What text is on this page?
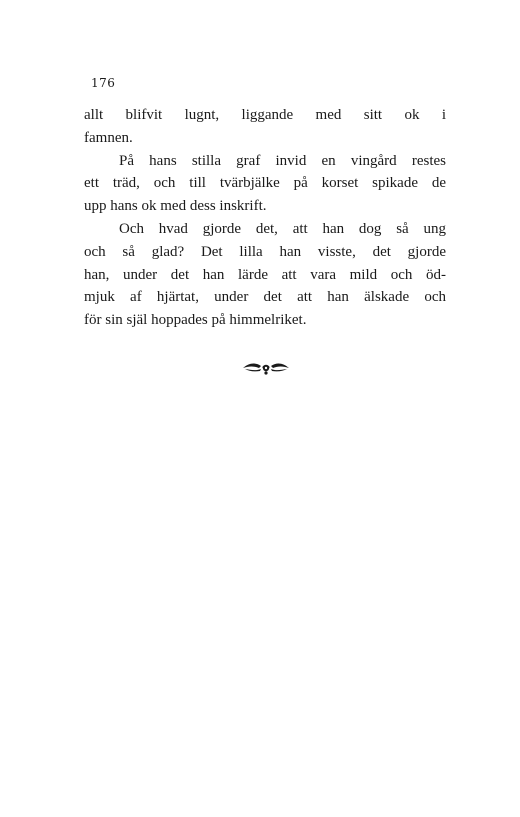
176
allt blifvit lugnt, liggande med sitt ok i
famnen.
På hans stilla graf invid en vingård restes
ett träd, och till tvärbjälke på korset spikade de
upp hans ok med dess inskrift.
Och hvad gjorde det, att han dog så ung
och så glad? Det lilla han visste, det gjorde
han, under det han lärde att vara mild och öd-
mjuk af hjärtat, under det att han älskade och
för sin själ hoppades på himmelriket.
